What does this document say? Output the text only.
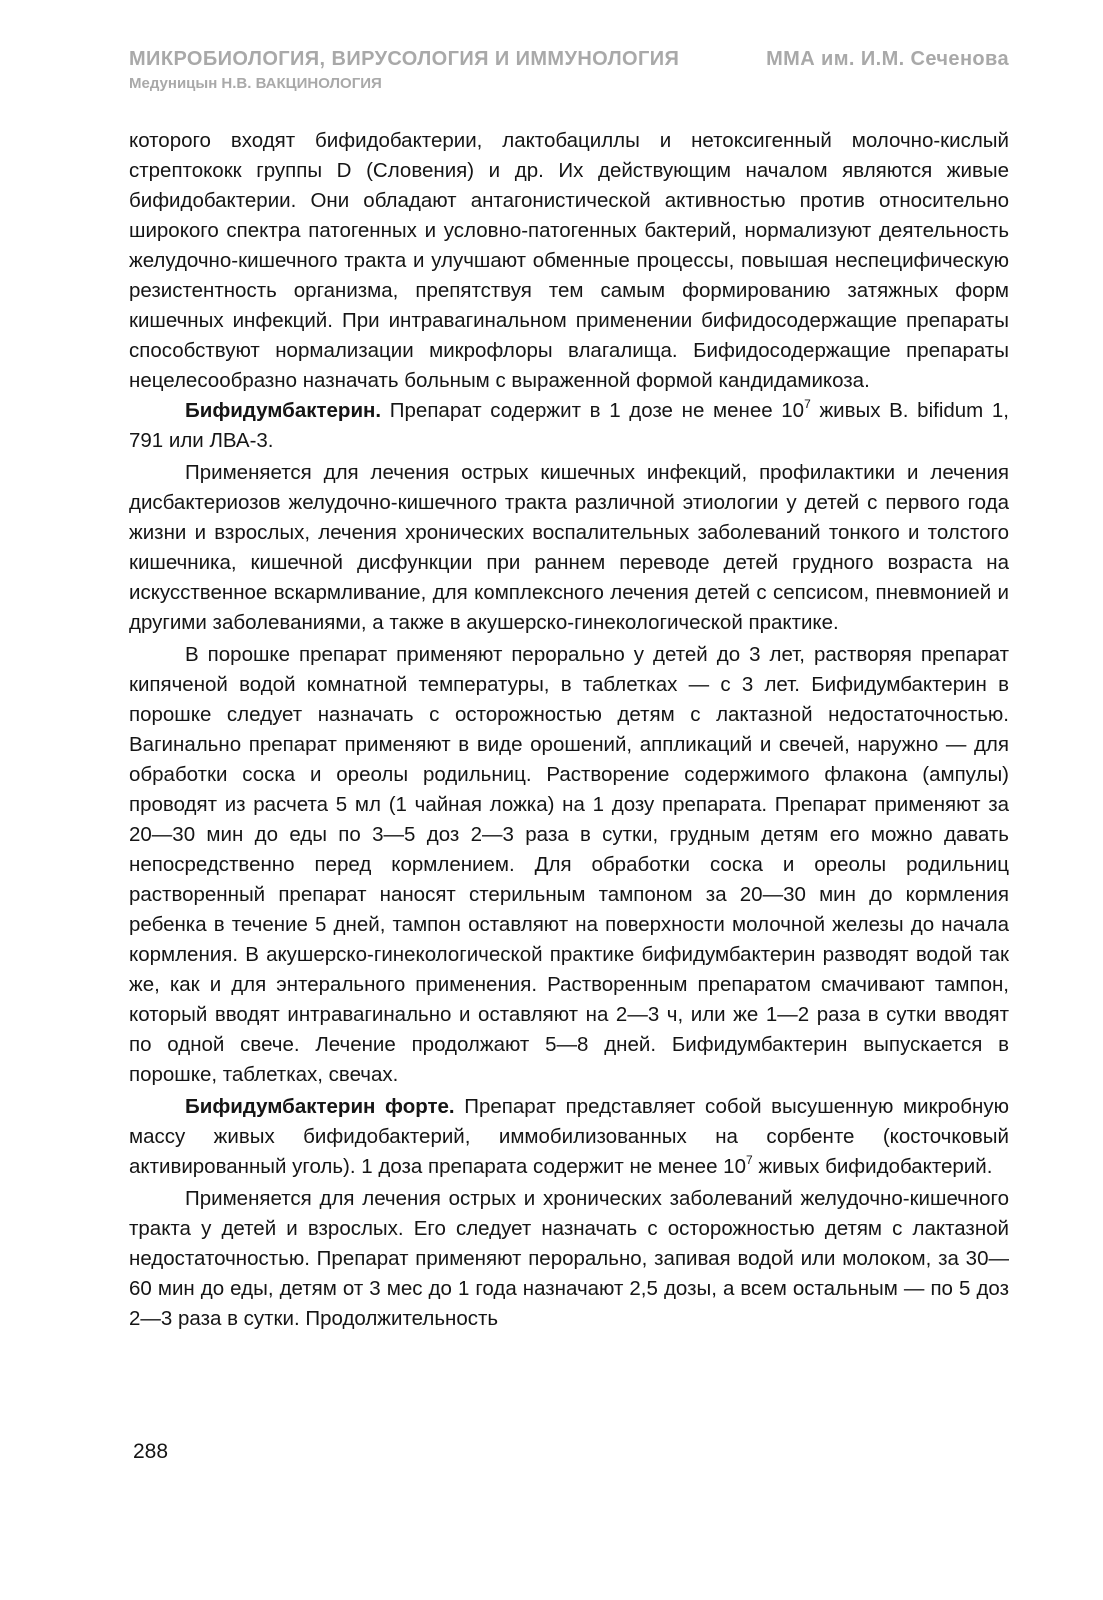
МИКРОБИОЛОГИЯ, ВИРУСОЛОГИЯ И ИММУНОЛОГИЯ	ММА им. И.М. Сеченова
Медуницын Н.В. ВАКЦИНОЛОГИЯ

которого входят бифидобактерии, лактобациллы и нетоксигенный молочно-кислый стрептококк группы D (Словения) и др. Их действующим началом являются живые бифидобактерии. Они обладают антагонистической активностью против относительно широкого спектра патогенных и условно-патогенных бактерий, нормализуют деятельность желудочно-кишечного тракта и улучшают обменные процессы, повышая неспецифическую резистентность организма, препятствуя тем самым формированию затяжных форм кишечных инфекций. При интравагинальном применении бифидосодержащие препараты способствуют нормализации микрофлоры влагалища. Бифидосодержащие препараты нецелесообразно назначать больным с выраженной формой кандидамикоза.

Бифидумбактерин. Препарат содержит в 1 дозе не менее $10^7$ живых B. bifidum 1, 791 или ЛВА-3.

Применяется для лечения острых кишечных инфекций, профилактики и лечения дисбактериозов желудочно-кишечного тракта различной этиологии у детей с первого года жизни и взрослых, лечения хронических воспалительных заболеваний тонкого и толстого кишечника, кишечной дисфункции при раннем переводе детей грудного возраста на искусственное вскармливание, для комплексного лечения детей с сепсисом, пневмонией и другими заболеваниями, а также в акушерско-гинекологической практике.

В порошке препарат применяют перорально у детей до 3 лет, растворяя препарат кипяченой водой комнатной температуры, в таблетках — с 3 лет. Бифидумбактерин в порошке следует назначать с осторожностью детям с лактазной недостаточностью. Вагинально препарат применяют в виде орошений, аппликаций и свечей, наружно — для обработки соска и ореолы родильниц. Растворение содержимого флакона (ампулы) проводят из расчета 5 мл (1 чайная ложка) на 1 дозу препарата. Препарат применяют за 20—30 мин до еды по 3—5 доз 2—3 раза в сутки, грудным детям его можно давать непосредственно перед кормлением. Для обработки соска и ореолы родильниц растворенный препарат наносят стерильным тампоном за 20—30 мин до кормления ребенка в течение 5 дней, тампон оставляют на поверхности молочной железы до начала кормления. В акушерско-гинекологической практике бифидумбактерин разводят водой так же, как и для энтерального применения. Растворенным препаратом смачивают тампон, который вводят интравагинально и оставляют на 2—3 ч, или же 1—2 раза в сутки вводят по одной свече. Лечение продолжают 5—8 дней. Бифидумбактерин выпускается в порошке, таблетках, свечах.

Бифидумбактерин форте. Препарат представляет собой высушенную микробную массу живых бифидобактерий, иммобилизованных на сорбенте (косточковый активированный уголь). 1 доза препарата содержит не менее $10^7$ живых бифидобактерий.

Применяется для лечения острых и хронических заболеваний желудочно-кишечного тракта у детей и взрослых. Его следует назначать с осторожностью детям с лактазной недостаточностью. Препарат применяют перорально, запивая водой или молоком, за 30—60 мин до еды, детям от 3 мес до 1 года назначают 2,5 дозы, а всем остальным — по 5 доз 2—3 раза в сутки. Продолжительность

288
